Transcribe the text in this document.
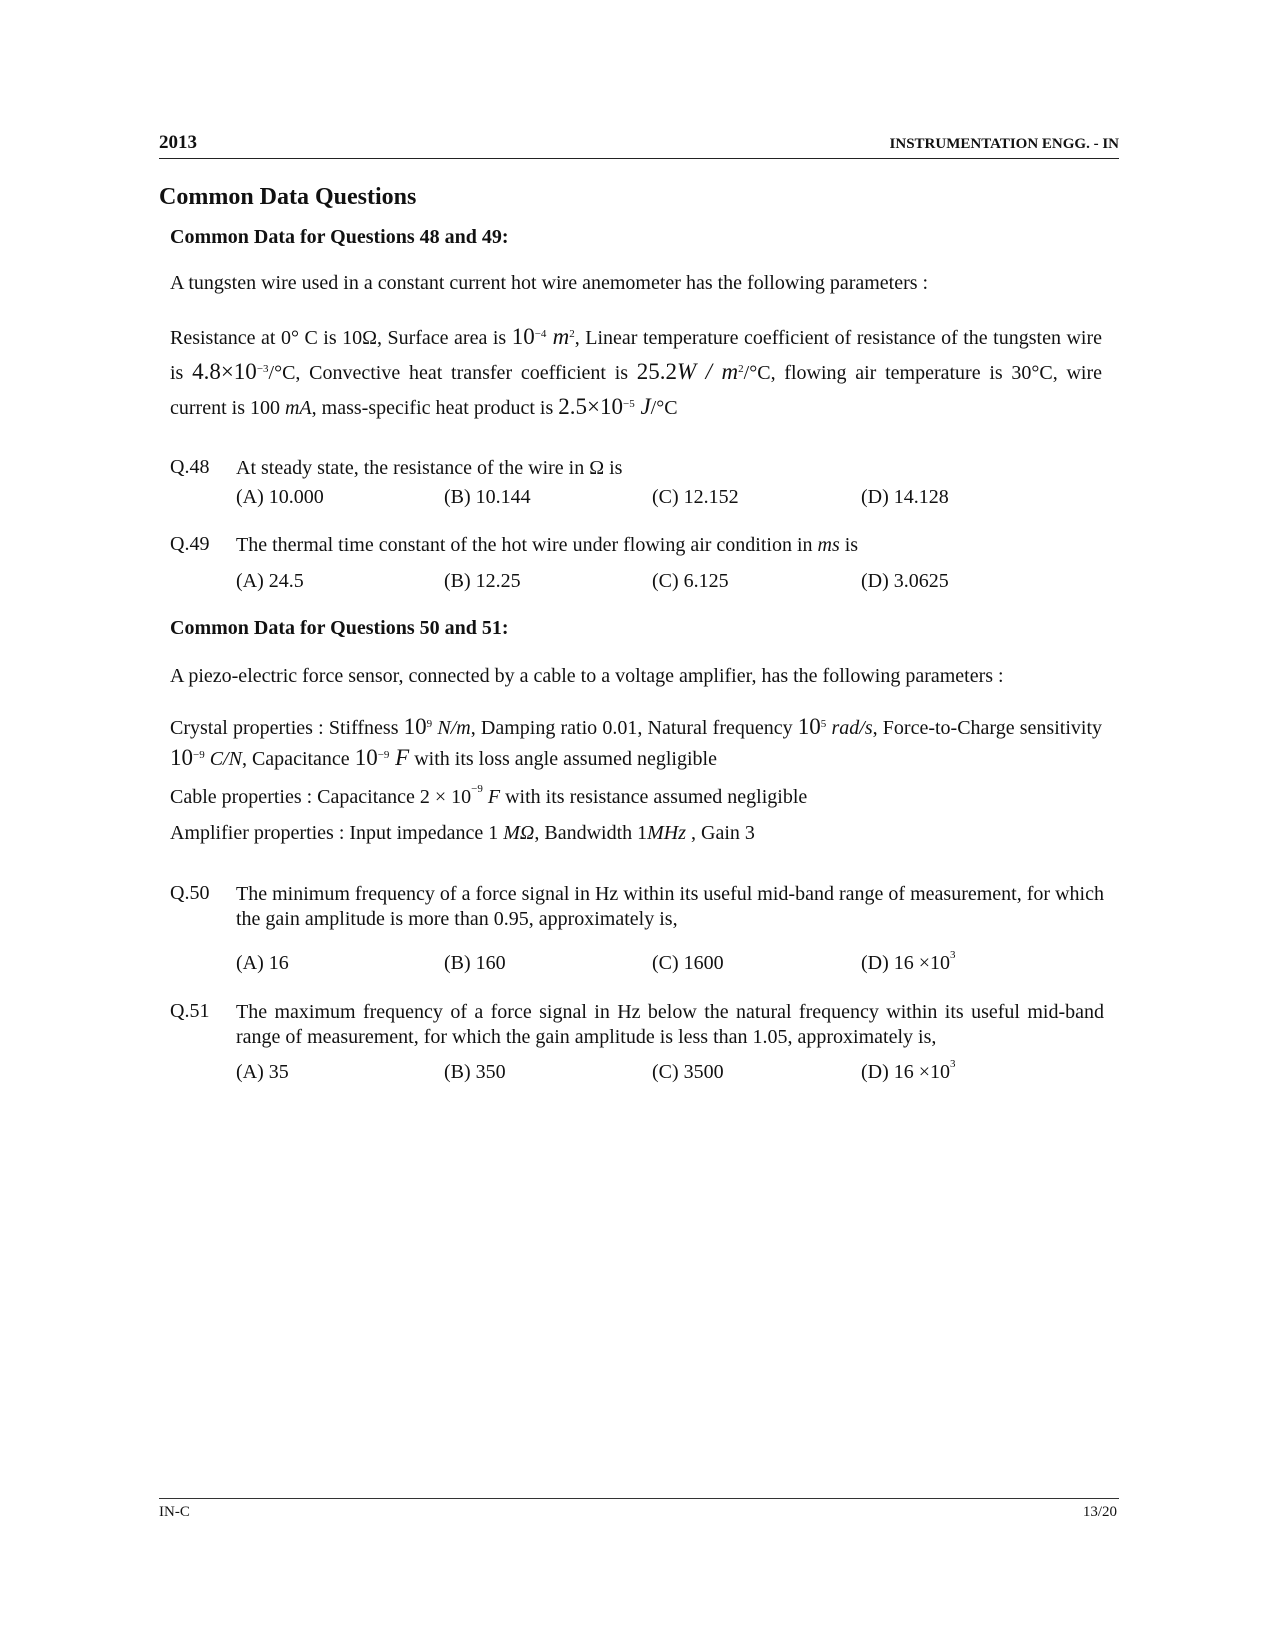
2013	INSTRUMENTATION ENGG. - IN
Common Data Questions
Common Data for Questions 48 and 49:
A tungsten wire used in a constant current hot wire anemometer has the following parameters :
Resistance at 0° C is 10Ω, Surface area is $10^{-4}$ $m^2$, Linear temperature coefficient of resistance of the tungsten wire is $4.8\times 10^{-3}/^\circ C$, Convective heat transfer coefficient is $25.2W / m^2/^\circ C$, flowing air temperature is 30°C, wire current is 100 mA, mass-specific heat product is $2.5\times 10^{-5}$ J/°C
Q.48 At steady state, the resistance of the wire in Ω is
(A) 10.000	(B) 10.144	(C) 12.152	(D) 14.128
Q.49 The thermal time constant of the hot wire under flowing air condition in ms is
(A) 24.5	(B) 12.25	(C) 6.125	(D) 3.0625
Common Data for Questions 50 and 51:
A piezo-electric force sensor, connected by a cable to a voltage amplifier, has the following parameters :
Crystal properties : Stiffness $10^9$ N/m, Damping ratio 0.01, Natural frequency $10^5$ rad/s, Force-to-Charge sensitivity $10^{-9}$ C/N, Capacitance $10^{-9}$ F with its loss angle assumed negligible
Cable properties : Capacitance $2 \times 10^{-9}$ F with its resistance assumed negligible
Amplifier properties : Input impedance 1 MΩ, Bandwidth 1MHz , Gain 3
Q.50 The minimum frequency of a force signal in Hz within its useful mid-band range of measurement, for which the gain amplitude is more than 0.95, approximately is,
(A) 16	(B) 160	(C) 1600	(D) $16 \times 10^3$
Q.51 The maximum frequency of a force signal in Hz below the natural frequency within its useful mid-band range of measurement, for which the gain amplitude is less than 1.05, approximately is,
(A) 35	(B) 350	(C) 3500	(D) $16 \times 10^3$
IN-C	13/20
